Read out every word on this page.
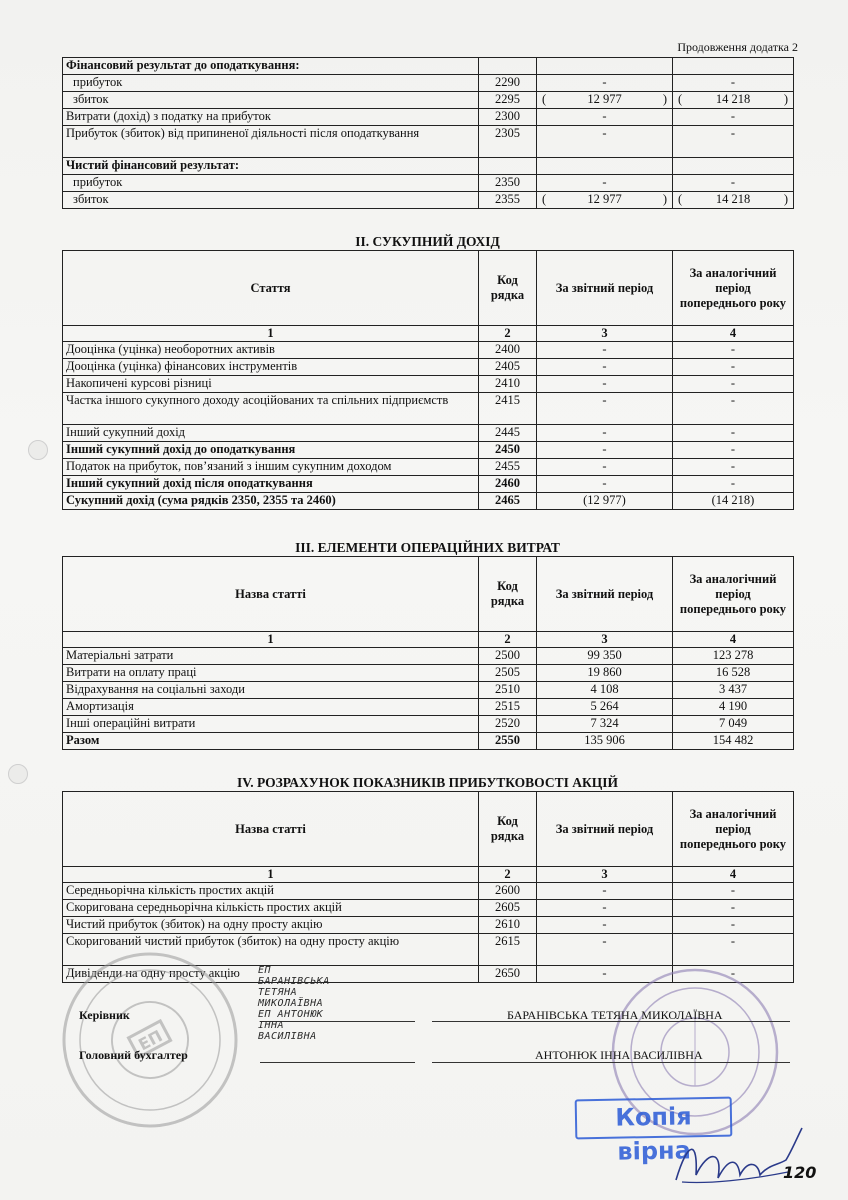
Продовження додатка 2
Фінансовий результат до оподаткування:			
прибуток	2290	-	-
збиток	2295	( 12 977 )	( 14 218 )

Витрати (дохід) з податку на прибуток	2300	-	-
Прибуток (збиток) від припиненої діяльності після оподаткування	2305	-	-
Чистий фінансовий результат:			
прибуток	2350	-	-
збиток	2355	( 12 977 )	( 14 218 )
II. СУКУПНИЙ ДОХІД
Стаття	Код рядка	За звітний період	За аналогічний період попереднього року
1	2	3	4
Дооцінка (уцінка) необоротних активів	2400	-	-
Дооцінка (уцінка) фінансових інструментів	2405	-	-
Накопичені курсові різниці	2410	-	-
Частка іншого сукупного доходу асоційованих та спільних підприємств	2415	-	-
Інший сукупний дохід	2445	-	-
Інший сукупний дохід до оподаткування	2450	-	-
Податок на прибуток, пов’язаний з іншим сукупним доходом	2455	-	-
Інший сукупний дохід після оподаткування	2460	-	-
Сукупний дохід (сума рядків 2350, 2355 та 2460)	2465	(12 977)	(14 218)
III. ЕЛЕМЕНТИ ОПЕРАЦІЙНИХ ВИТРАТ
Назва статті	Код рядка	За звітний період	За аналогічний період попереднього року
1	2	3	4
Матеріальні затрати	2500	99 350	123 278
Витрати на оплату праці	2505	19 860	16 528
Відрахування на соціальні заходи	2510	4 108	3 437
Амортизація	2515	5 264	4 190
Інші операційні витрати	2520	7 324	7 049
Разом	2550	135 906	154 482
IV. РОЗРАХУНОК ПОКАЗНИКІВ ПРИБУТКОВОСТІ АКЦІЙ
Назва статті	Код рядка	За звітний період	За аналогічний період попереднього року
1	2	3	4
Середньорічна кількість простих акцій	2600	-	-
Скоригована середньорічна кількість простих акцій	2605	-	-
Чистий прибуток (збиток) на одну просту акцію	2610	-	-
Скоригований чистий прибуток (збиток) на одну просту акцію	2615	-	-
Дивіденди на одну просту акцію	2650	-	-
ЕП
Керівник	БАРАНІВСЬКА ТЕТЯНА МИКОЛАЇВНА
Головний бухгалтер	АНТОНЮК ІННА ВАСИЛІВНА
ЕП
БАРАНІВСЬКА
ТЕТЯНА
МИКОЛАЇВНА
ЕП АНТОНЮК
ІННА
ВАСИЛІВНА
Копія вірна
120
